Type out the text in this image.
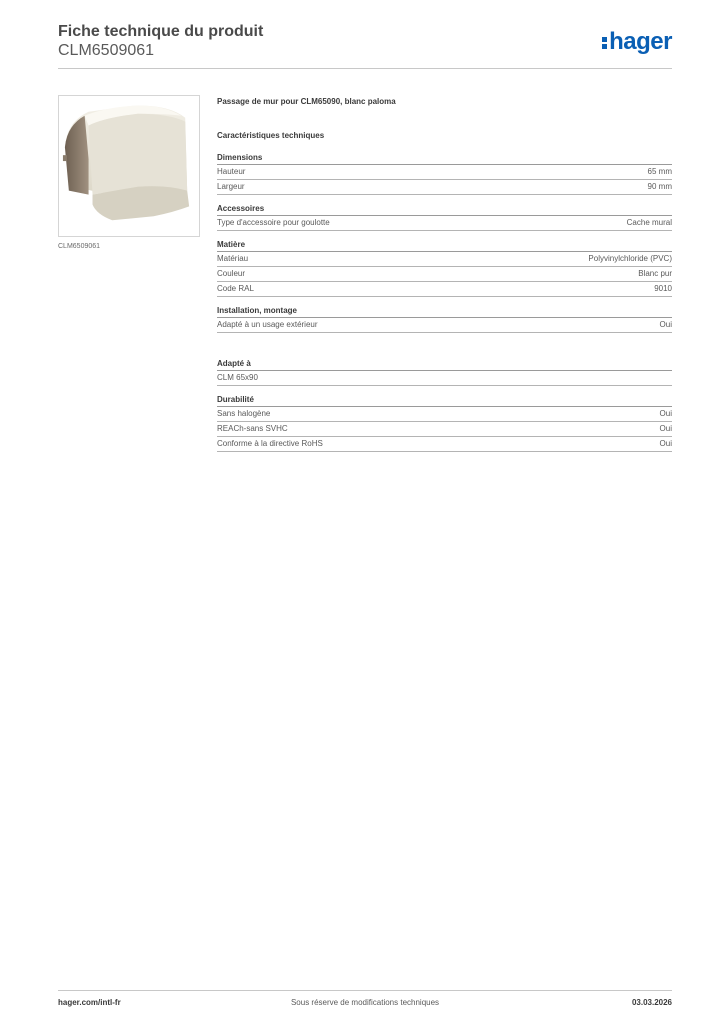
Fiche technique du produit
CLM6509061	hager
CLM6509061
Passage de mur pour CLM65090, blanc paloma
Caractéristiques techniques
Dimensions
Hauteur	65 mm
Largeur	90 mm
Accessoires
Type d'accessoire pour goulotte	Cache mural
Matière
Matériau	Polyvinylchloride (PVC)
Couleur	Blanc pur
Code RAL	9010
Installation, montage
Adapté à un usage extérieur	Oui
Adapté à
CLM 65x90
Durabilité
Sans halogène	Oui
REACh-sans SVHC	Oui
Conforme à la directive RoHS	Oui
hager.com/intl-fr	Sous réserve de modifications techniques	03.03.2026
